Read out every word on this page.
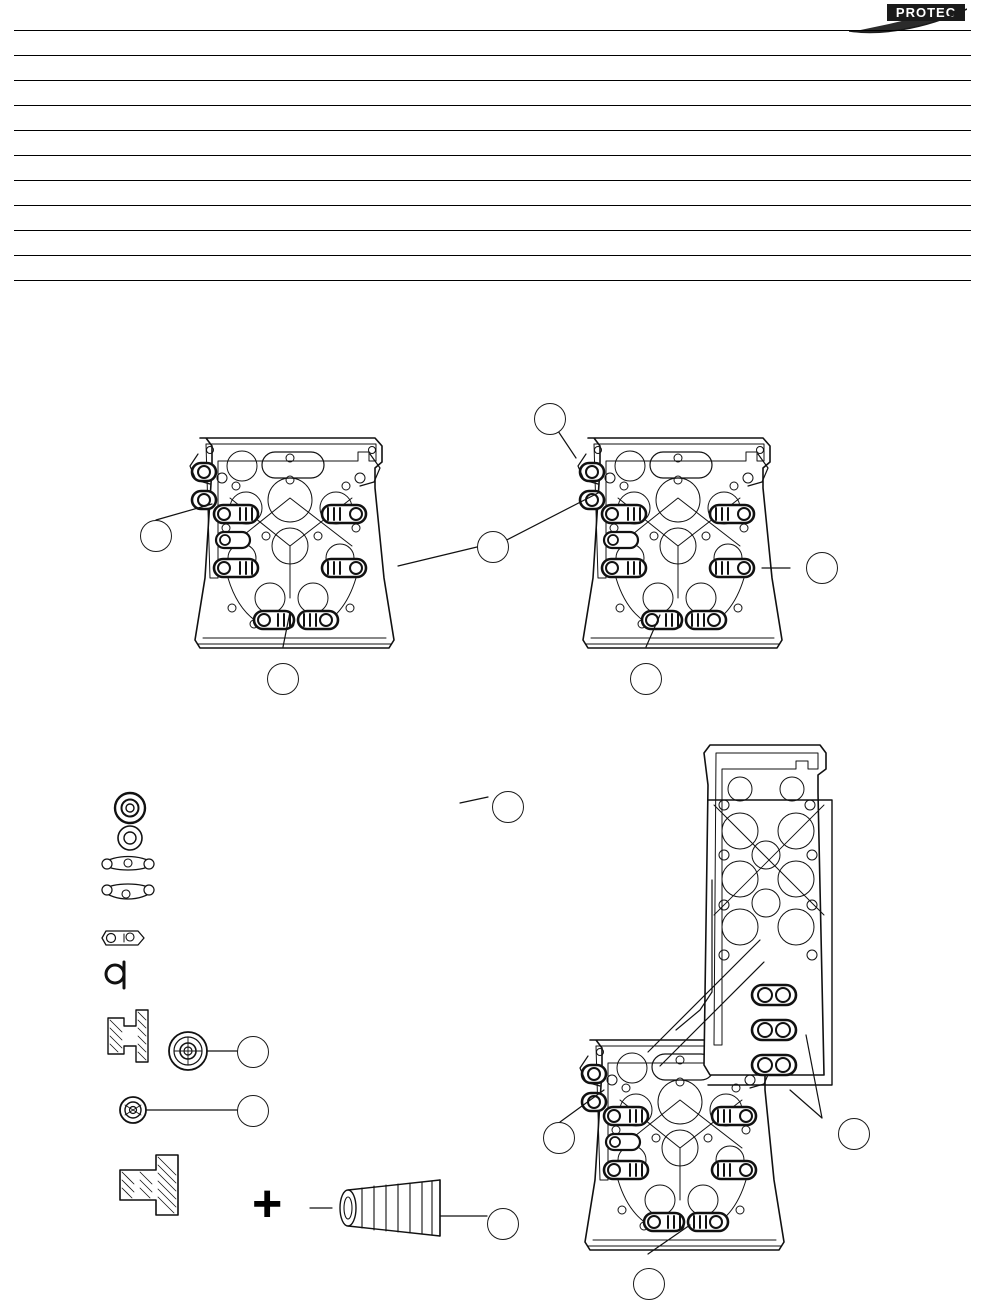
PROTEC
+
